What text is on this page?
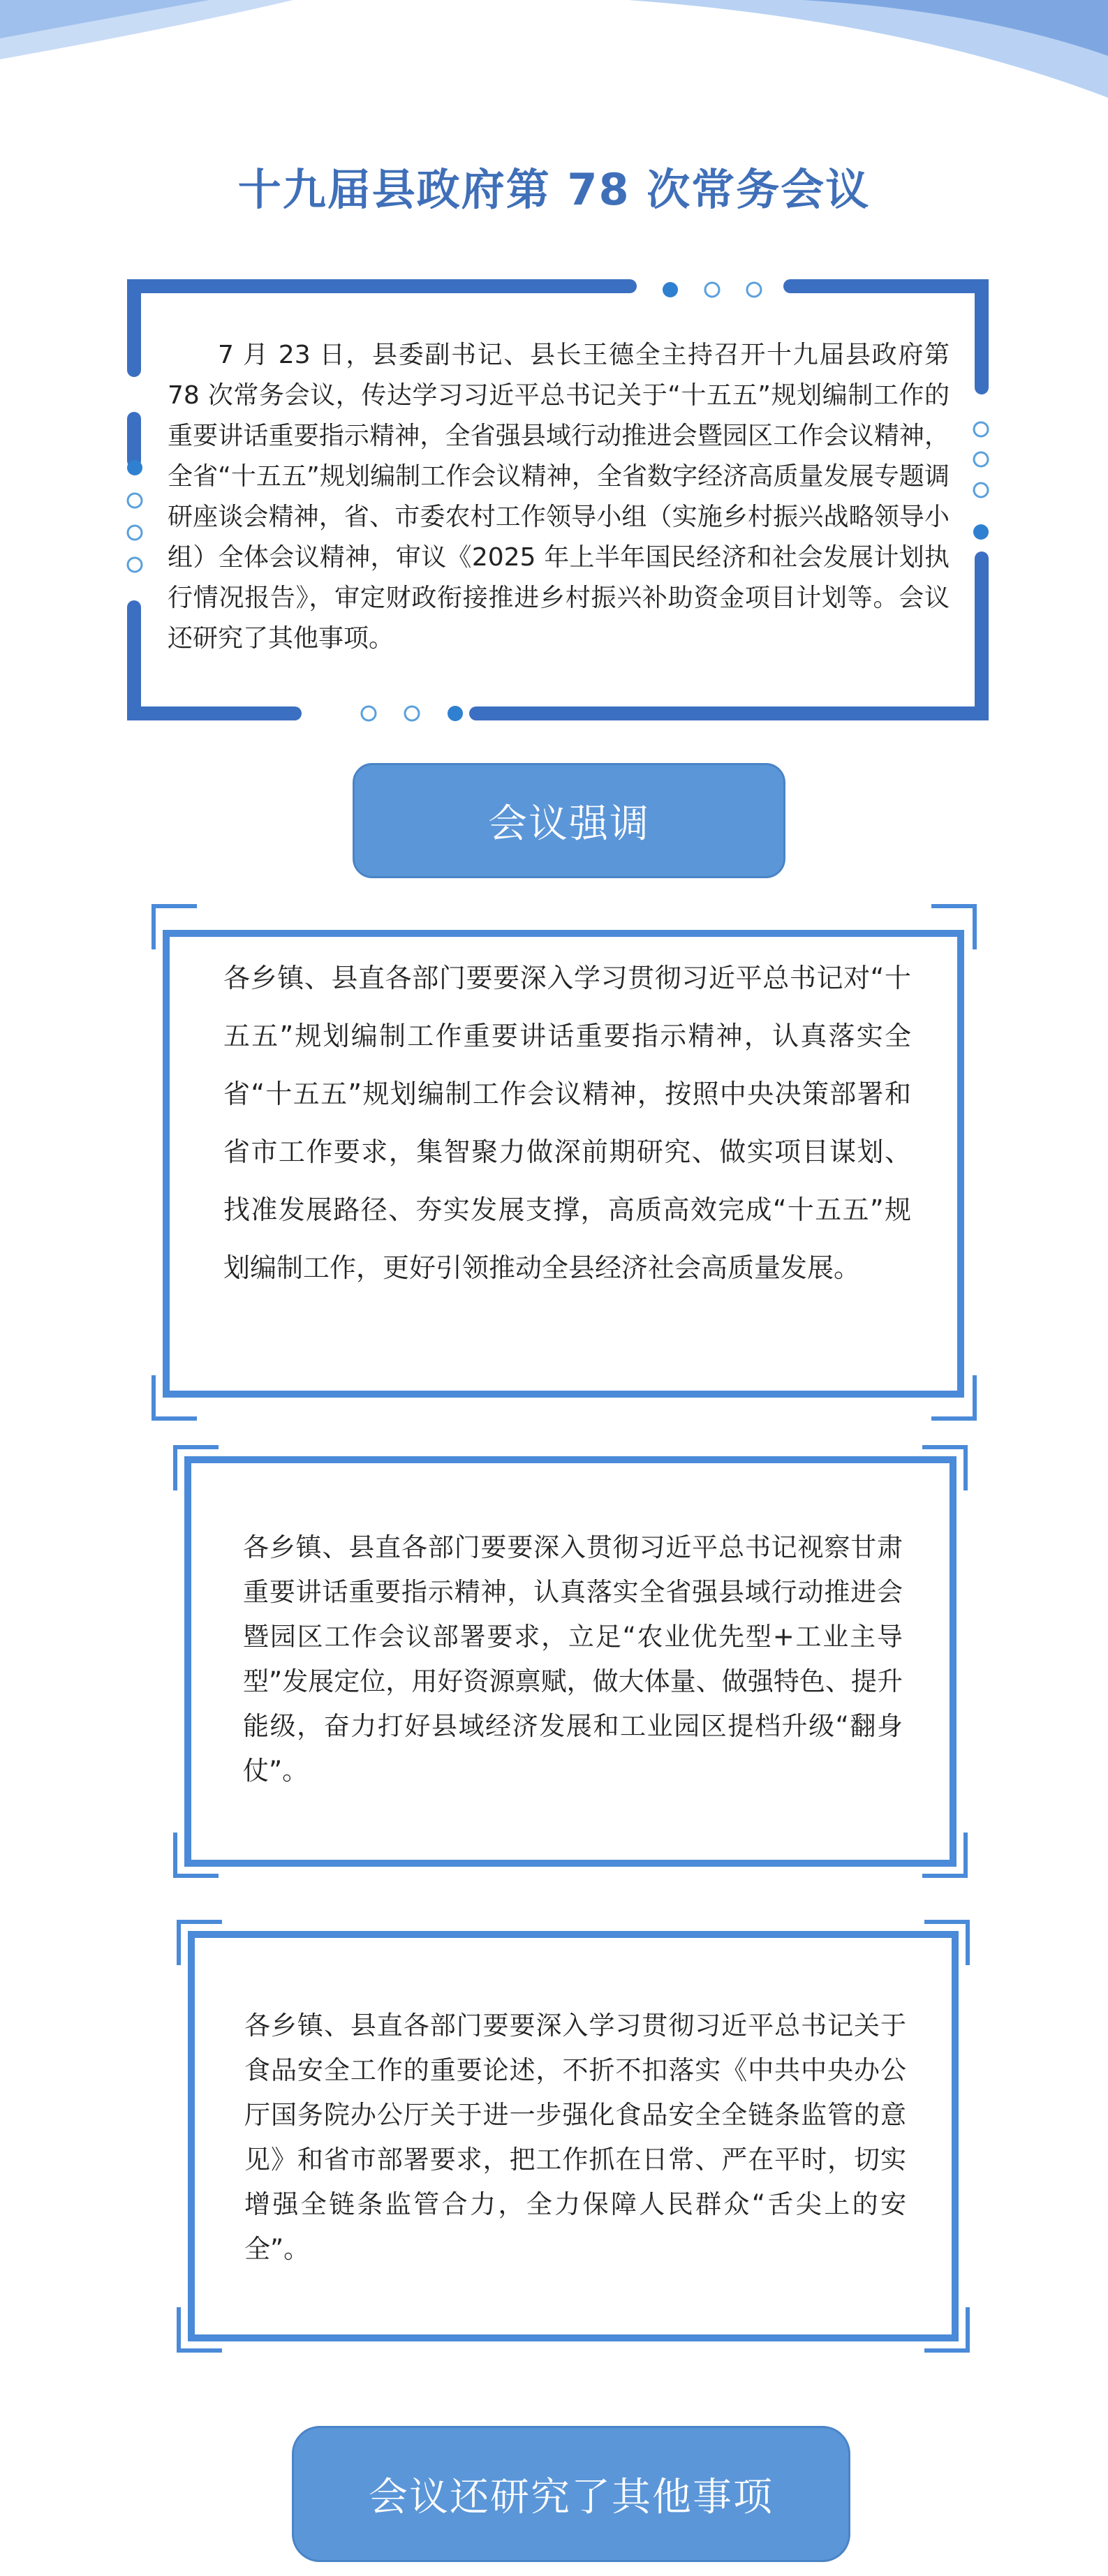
十九届县政府第 78 次常务会议

7 月 23 日，县委副书记、县长王德全主持召开十九届县政府第 78 次常务会议，传达学习习近平总书记关于“十五五”规划编制工作的重要讲话重要指示精神，全省强县域行动推进会暨园区工作会议精神，全省“十五五”规划编制工作会议精神，全省数字经济高质量发展专题调研座谈会精神，省、市委农村工作领导小组（实施乡村振兴战略领导小组）全体会议精神，审议《2025 年上半年国民经济和社会发展计划执行情况报告》，审定财政衔接推进乡村振兴补助资金项目计划等。会议还研究了其他事项。

会议强调

各乡镇、县直各部门要要深入学习贯彻习近平总书记对“十五五”规划编制工作重要讲话重要指示精神，认真落实全省“十五五”规划编制工作会议精神，按照中央决策部署和省市工作要求，集智聚力做深前期研究、做实项目谋划、找准发展路径、夯实发展支撑，高质高效完成“十五五”规划编制工作，更好引领推动全县经济社会高质量发展。

各乡镇、县直各部门要要深入贯彻习近平总书记视察甘肃重要讲话重要指示精神，认真落实全省强县域行动推进会暨园区工作会议部署要求，立足“农业优先型+工业主导型”发展定位，用好资源禀赋，做大体量、做强特色、提升能级，奋力打好县域经济发展和工业园区提档升级“翻身仗”。

各乡镇、县直各部门要要深入学习贯彻习近平总书记关于食品安全工作的重要论述，不折不扣落实《中共中央办公厅国务院办公厅关于进一步强化食品安全全链条监管的意见》和省市部署要求，把工作抓在日常、严在平时，切实增强全链条监管合力，全力保障人民群众“舌尖上的安全”。

会议还研究了其他事项
